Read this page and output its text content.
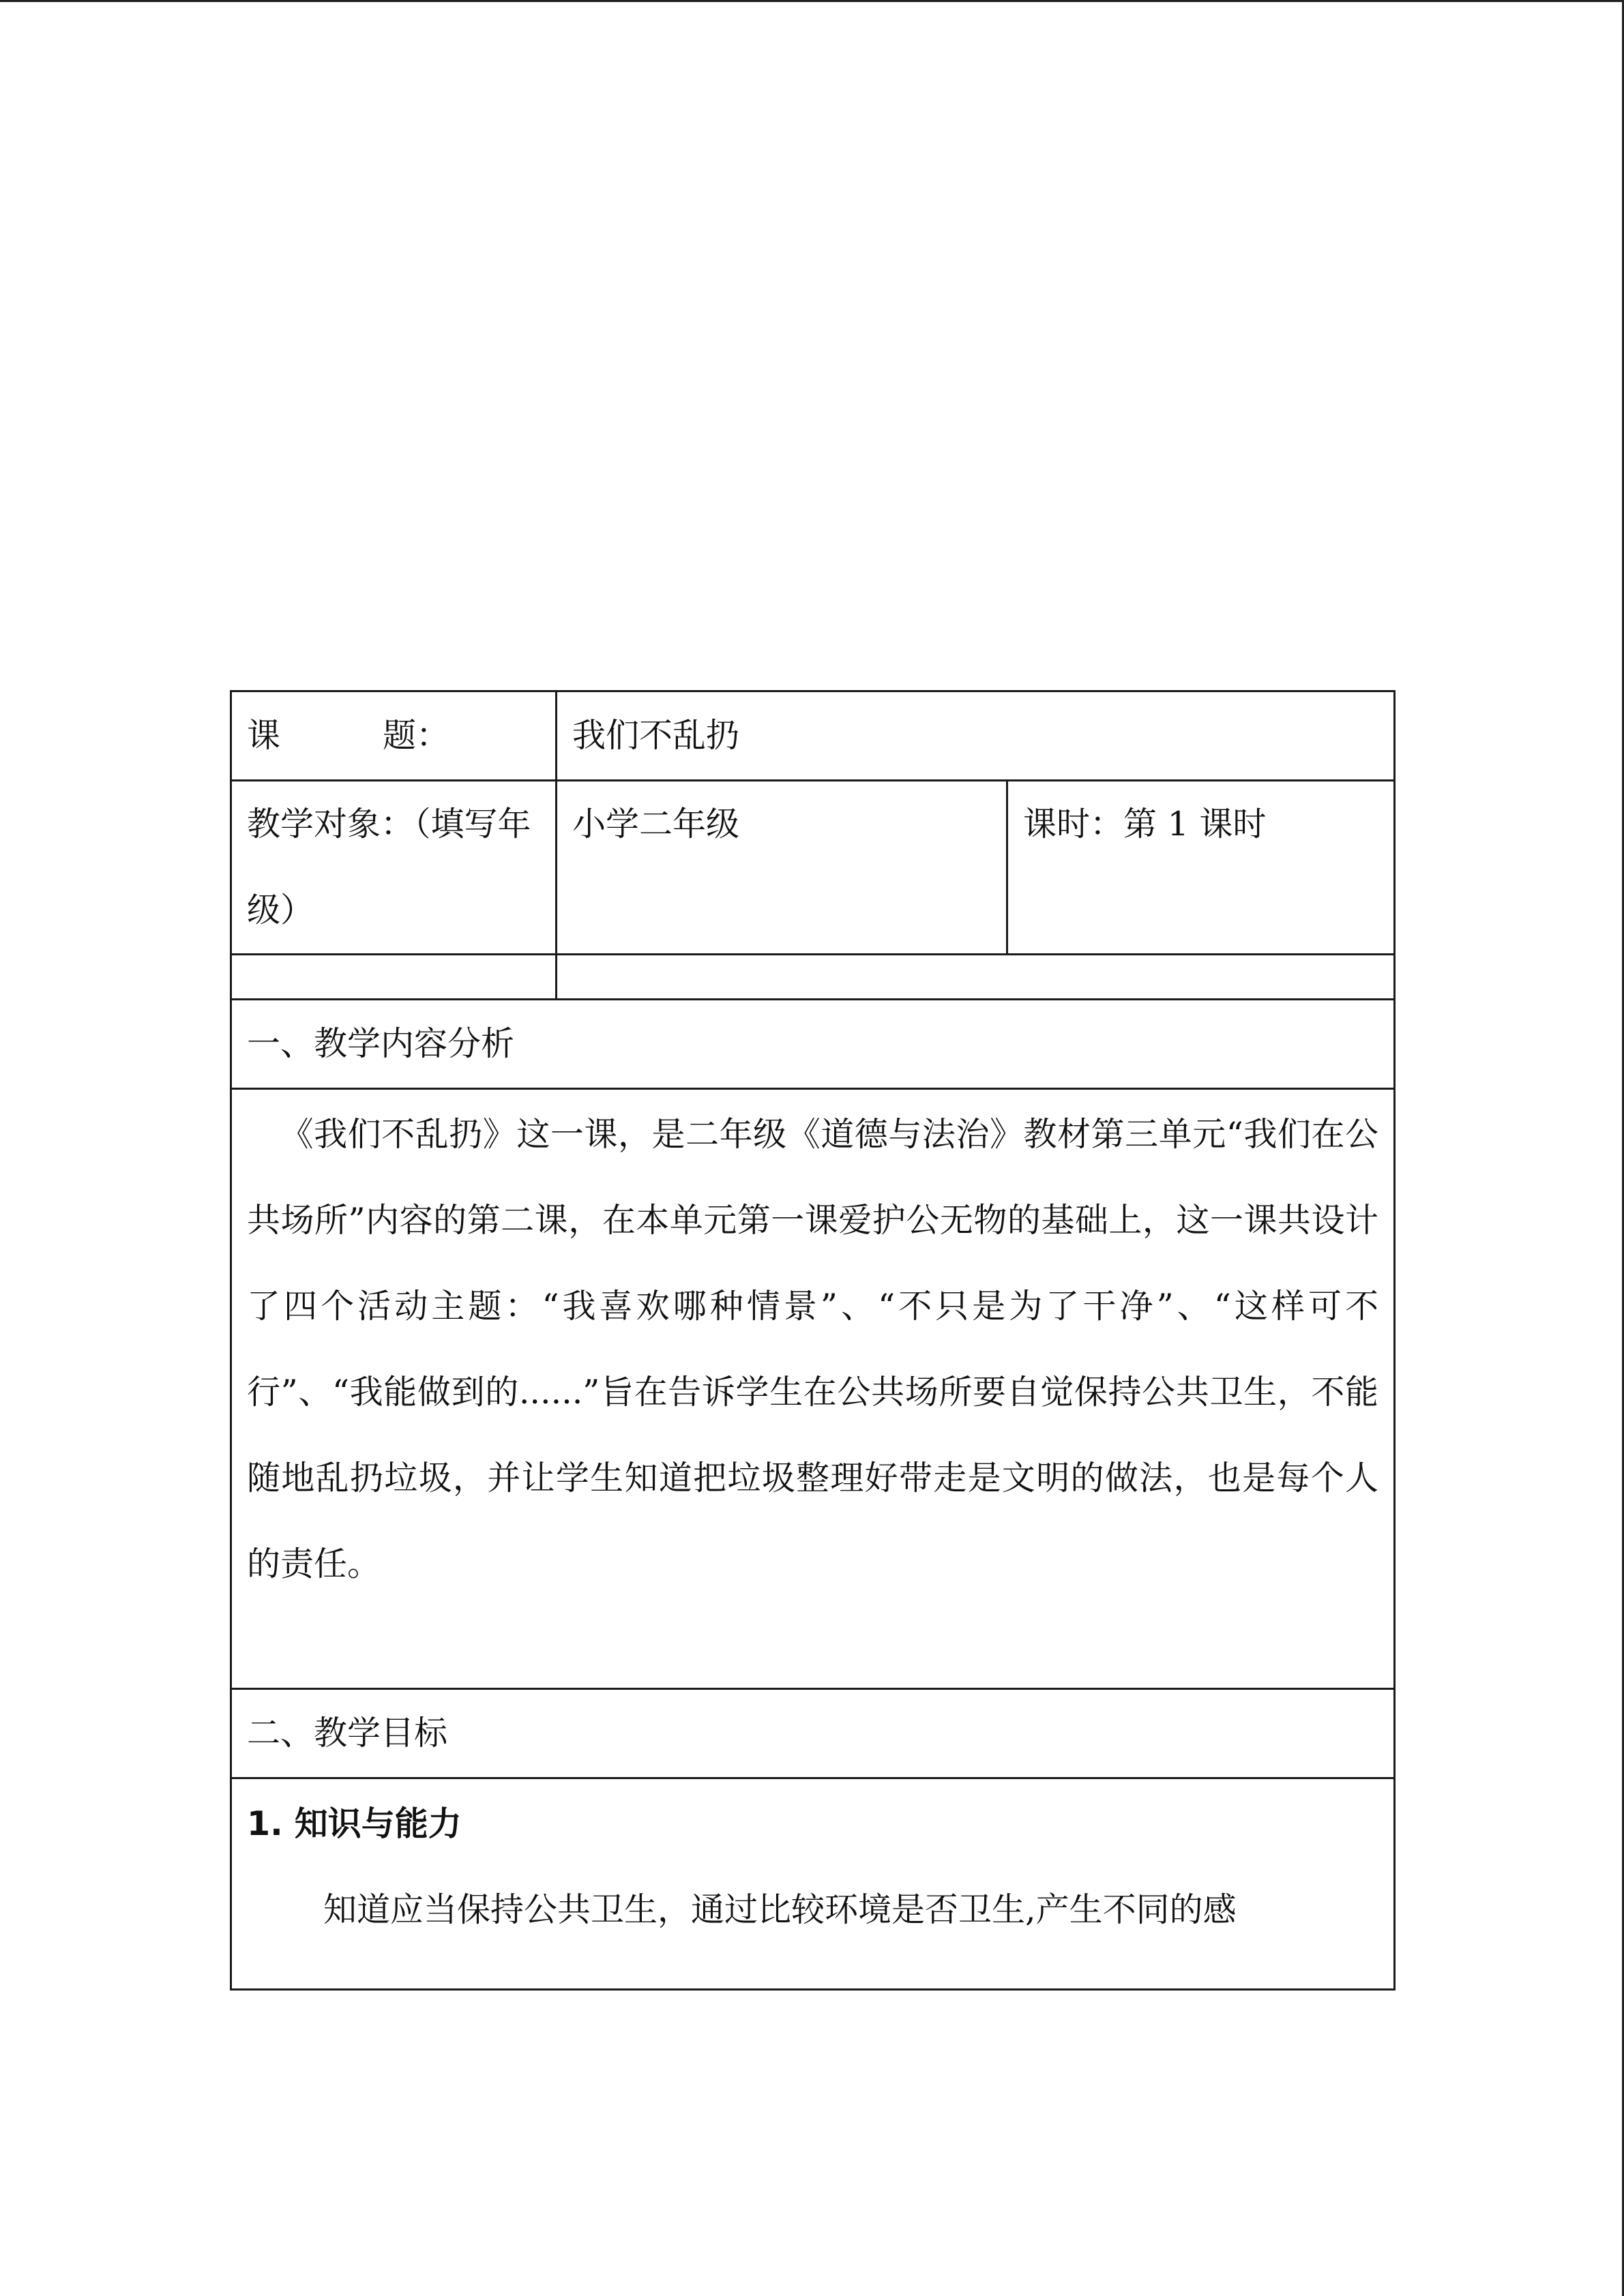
课 题：	我们不乱扔	
教学对象：（填写年级）	小学二年级	课时：第 1 课时

一、教学内容分析		
《我们不乱扔》这一课，是二年级《道德与法治》教材第三单元“我们在公共场所”内容的第二课，在本单元第一课爱护公无物的基础上，这一课共设计了四个活动主题：“我喜欢哪种情景”、“不只是为了干净”、“这样可不行”、“我能做到的......”旨在告诉学生在公共场所要自觉保持公共卫生，不能随地乱扔垃圾，并让学生知道把垃圾整理好带走是文明的做法，也是每个人的责任。		
二、教学目标		

1. 知识与能力
知道应当保持公共卫生，通过比较环境是否卫生,产生不同的感		
